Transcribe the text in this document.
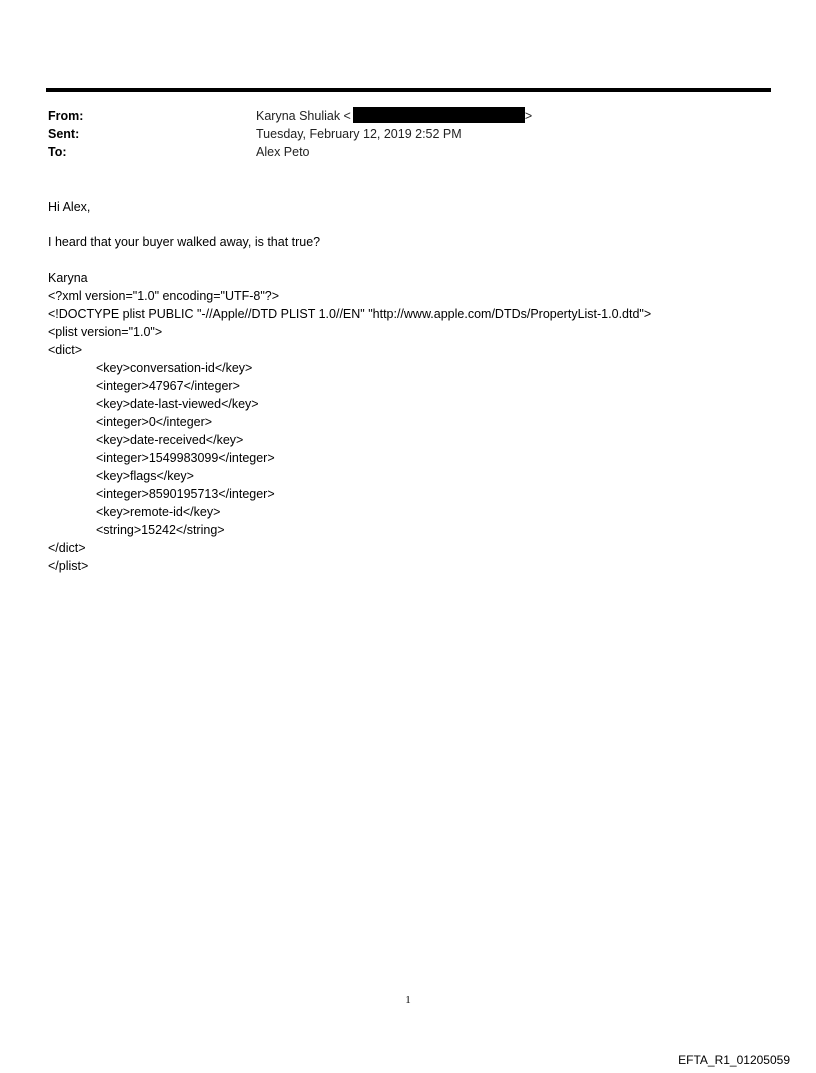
From:	Karyna Shuliak <	>
Sent:	Tuesday, February 12, 2019 2:52 PM
To:	Alex Peto
Hi Alex,
I heard that your buyer walked away, is that true?
Karyna
<?xml version="1.0" encoding="UTF-8"?>
<!DOCTYPE plist PUBLIC "-//Apple//DTD PLIST 1.0//EN" "http://www.apple.com/DTDs/PropertyList-1.0.dtd">
<plist version="1.0">
<dict>
<key>conversation-id</key>
<integer>47967</integer>
<key>date-last-viewed</key>
<integer>0</integer>
<key>date-received</key>
<integer>1549983099</integer>
<key>flags</key>
<integer>8590195713</integer>
<key>remote-id</key>
<string>15242</string>
</dict>
</plist>
1
EFTA_R1_01205059
